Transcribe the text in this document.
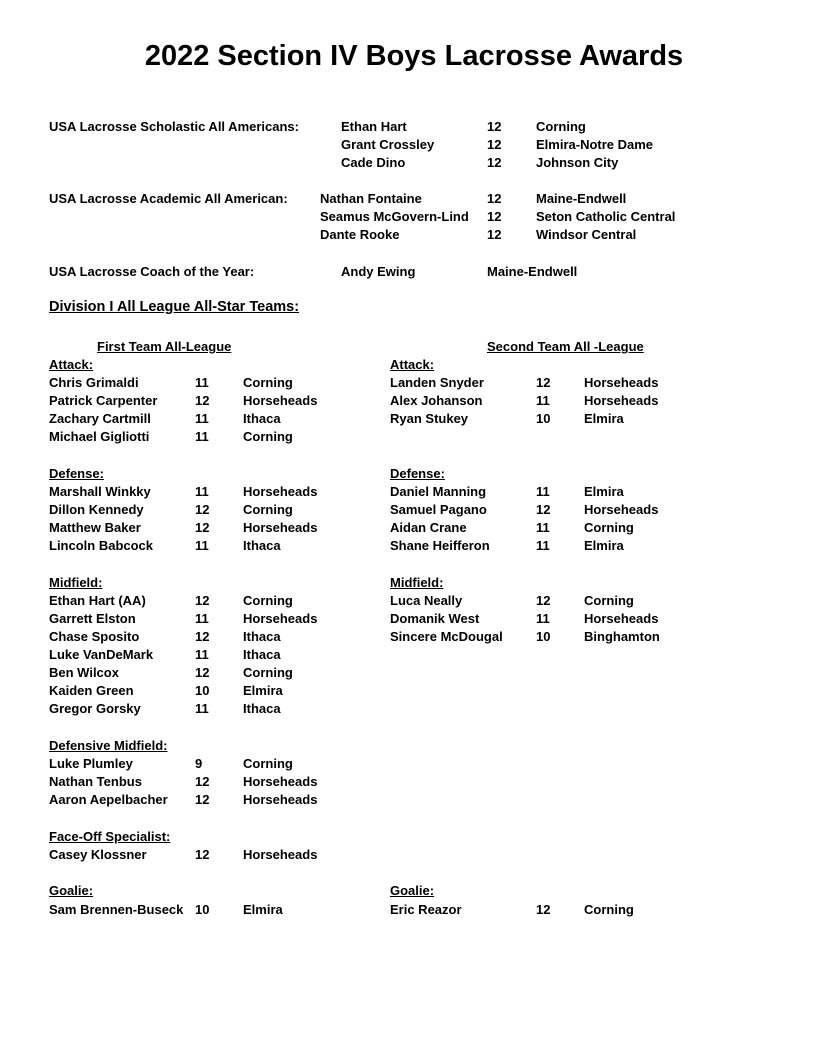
2022 Section IV Boys Lacrosse Awards
USA Lacrosse Scholastic All Americans:	Ethan Hart	12	Corning
Grant Crossley	12	Elmira-Notre Dame
Cade Dino	12	Johnson City
USA Lacrosse Academic All American: Nathan Fontaine	12	Maine-Endwell
Seamus McGovern-Lind 12	Seton Catholic Central
Dante Rooke	12	Windsor Central
USA Lacrosse Coach of the Year:	Andy Ewing	Maine-Endwell
Division I All League All-Star Teams:
First Team All-League	Second Team All -League
Attack:
Chris Grimaldi	11	Corning
Patrick Carpenter	12	Horseheads
Zachary Cartmill	11	Ithaca
Michael Gigliotti	11	Corning
Defense:
Marshall Winkky	11	Horseheads
Dillon Kennedy	12	Corning
Matthew Baker	12	Horseheads
Lincoln Babcock	11	Ithaca
Midfield:
Ethan Hart (AA)	12	Corning
Garrett Elston	11	Horseheads
Chase Sposito	12	Ithaca
Luke VanDeMark	11	Ithaca
Ben Wilcox	12	Corning
Kaiden Green	10	Elmira
Gregor Gorsky	11	Ithaca
Defensive Midfield:
Luke Plumley	9	Corning
Nathan Tenbus	12	Horseheads
Aaron Aepelbacher 12	Horseheads
Face-Off Specialist:
Casey Klossner	12	Horseheads
Goalie:
Sam Brennen-Buseck 10	Elmira
Attack:
Landen Snyder	12	Horseheads
Alex Johanson	11	Horseheads
Ryan Stukey	10	Elmira
Defense:
Daniel Manning	11	Elmira
Samuel Pagano	12	Horseheads
Aidan Crane	11	Corning
Shane Heifferon	11	Elmira
Midfield:
Luca Neally	12	Corning
Domanik West	11	Horseheads
Sincere McDougal	10	Binghamton
Goalie:
Eric Reazor	12	Corning
